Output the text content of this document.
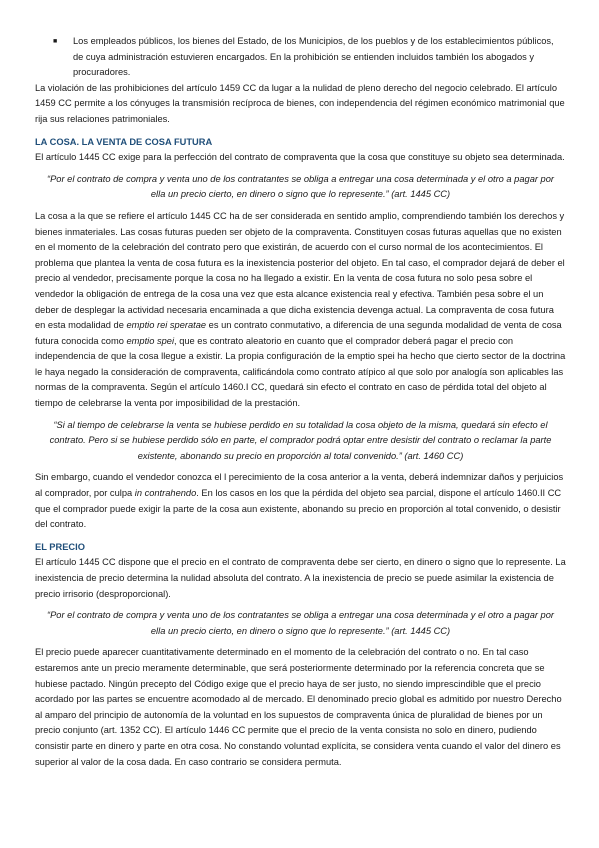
■	Los empleados públicos, los bienes del Estado, de los Municipios, de los pueblos y de los establecimientos públicos, de cuya administración estuvieren encargados. En la prohibición se entienden incluidos también los abogados y procuradores.

La violación de las prohibiciones del artículo 1459 CC da lugar a la nulidad de pleno derecho del negocio celebrado. El artículo 1459 CC permite a los cónyuges la transmisión recíproca de bienes, con independencia del régimen económico matrimonial que rija sus relaciones patrimoniales.

LA COSA. LA VENTA DE COSA FUTURA

El artículo 1445 CC exige para la perfección del contrato de compraventa que la cosa que constituye su objeto sea determinada.

“Por el contrato de compra y venta uno de los contratantes se obliga a entregar una cosa determinada y el otro a pagar por ella un precio cierto, en dinero o signo que lo represente.” (art. 1445 CC)

La cosa a la que se refiere el artículo 1445 CC ha de ser considerada en sentido amplio, comprendiendo también los derechos y bienes inmateriales. Las cosas futuras pueden ser objeto de la compraventa. Constituyen cosas futuras aquellas que no existen en el momento de la celebración del contrato pero que existirán, de acuerdo con el curso normal de los acontecimientos. El problema que plantea la venta de cosa futura es la inexistencia posterior del objeto. En tal caso, el comprador dejará de deber el precio al vendedor, precisamente porque la cosa no ha llegado a existir. En la venta de cosa futura no solo pesa sobre el vendedor la obligación de entrega de la cosa una vez que esta alcance existencia real y efectiva. También pesa sobre el un deber de desplegar la actividad necesaria encaminada a que dicha existencia devenga actual. La compraventa de cosa futura en esta modalidad de emptio rei speratae es un contrato conmutativo, a diferencia de una segunda modalidad de venta de cosa futura conocida como emptio spei, que es contrato aleatorio en cuanto que el comprador deberá pagar el precio con independencia de que la cosa llegue a existir. La propia configuración de la emptio spei ha hecho que cierto sector de la doctrina le haya negado la consideración de compraventa, calificándola como contrato atípico al que solo por analogía son aplicables las normas de la compraventa. Según el artículo 1460.I CC, quedará sin efecto el contrato en caso de pérdida total del objeto al tiempo de celebrarse la venta por imposibilidad de la prestación.

“Si al tiempo de celebrarse la venta se hubiese perdido en su totalidad la cosa objeto de la misma, quedará sin efecto el contrato. Pero si se hubiese perdido sólo en parte, el comprador podrá optar entre desistir del contrato o reclamar la parte existente, abonando su precio en proporción al total convenido.” (art. 1460 CC)

Sin embargo, cuando el vendedor conozca el l perecimiento de la cosa anterior a la venta, deberá indemnizar daños y perjuicios al comprador, por culpa in contrahendo. En los casos en los que la pérdida del objeto sea parcial, dispone el artículo 1460.II CC que el comprador puede exigir la parte de la cosa aun existente, abonando su precio en proporción al total convenido, o desistir del contrato.

EL PRECIO

El artículo 1445 CC dispone que el precio en el contrato de compraventa debe ser cierto, en dinero o signo que lo represente. La inexistencia de precio determina la nulidad absoluta del contrato. A la inexistencia de precio se puede asimilar la existencia de precio irrisorio (desproporcional).

“Por el contrato de compra y venta uno de los contratantes se obliga a entregar una cosa determinada y el otro a pagar por ella un precio cierto, en dinero o signo que lo represente.” (art. 1445 CC)

El precio puede aparecer cuantitativamente determinado en el momento de la celebración del contrato o no. En tal caso estaremos ante un precio meramente determinable, que será posteriormente determinado por la referencia concreta que se hubiese pactado. Ningún precepto del Código exige que el precio haya de ser justo, no siendo imprescindible que el precio acordado por las partes se encuentre acomodado al de mercado. El denominado precio global es admitido por nuestro Derecho al amparo del principio de autonomía de la voluntad en los supuestos de compraventa única de pluralidad de bienes por un precio conjunto (art. 1352 CC). El artículo 1446 CC permite que el precio de la venta consista no solo en dinero, pudiendo consistir parte en dinero y parte en otra cosa. No constando voluntad explícita, se considera venta cuando el valor del dinero es superior al valor de la cosa dada. En caso contrario se considera permuta.
